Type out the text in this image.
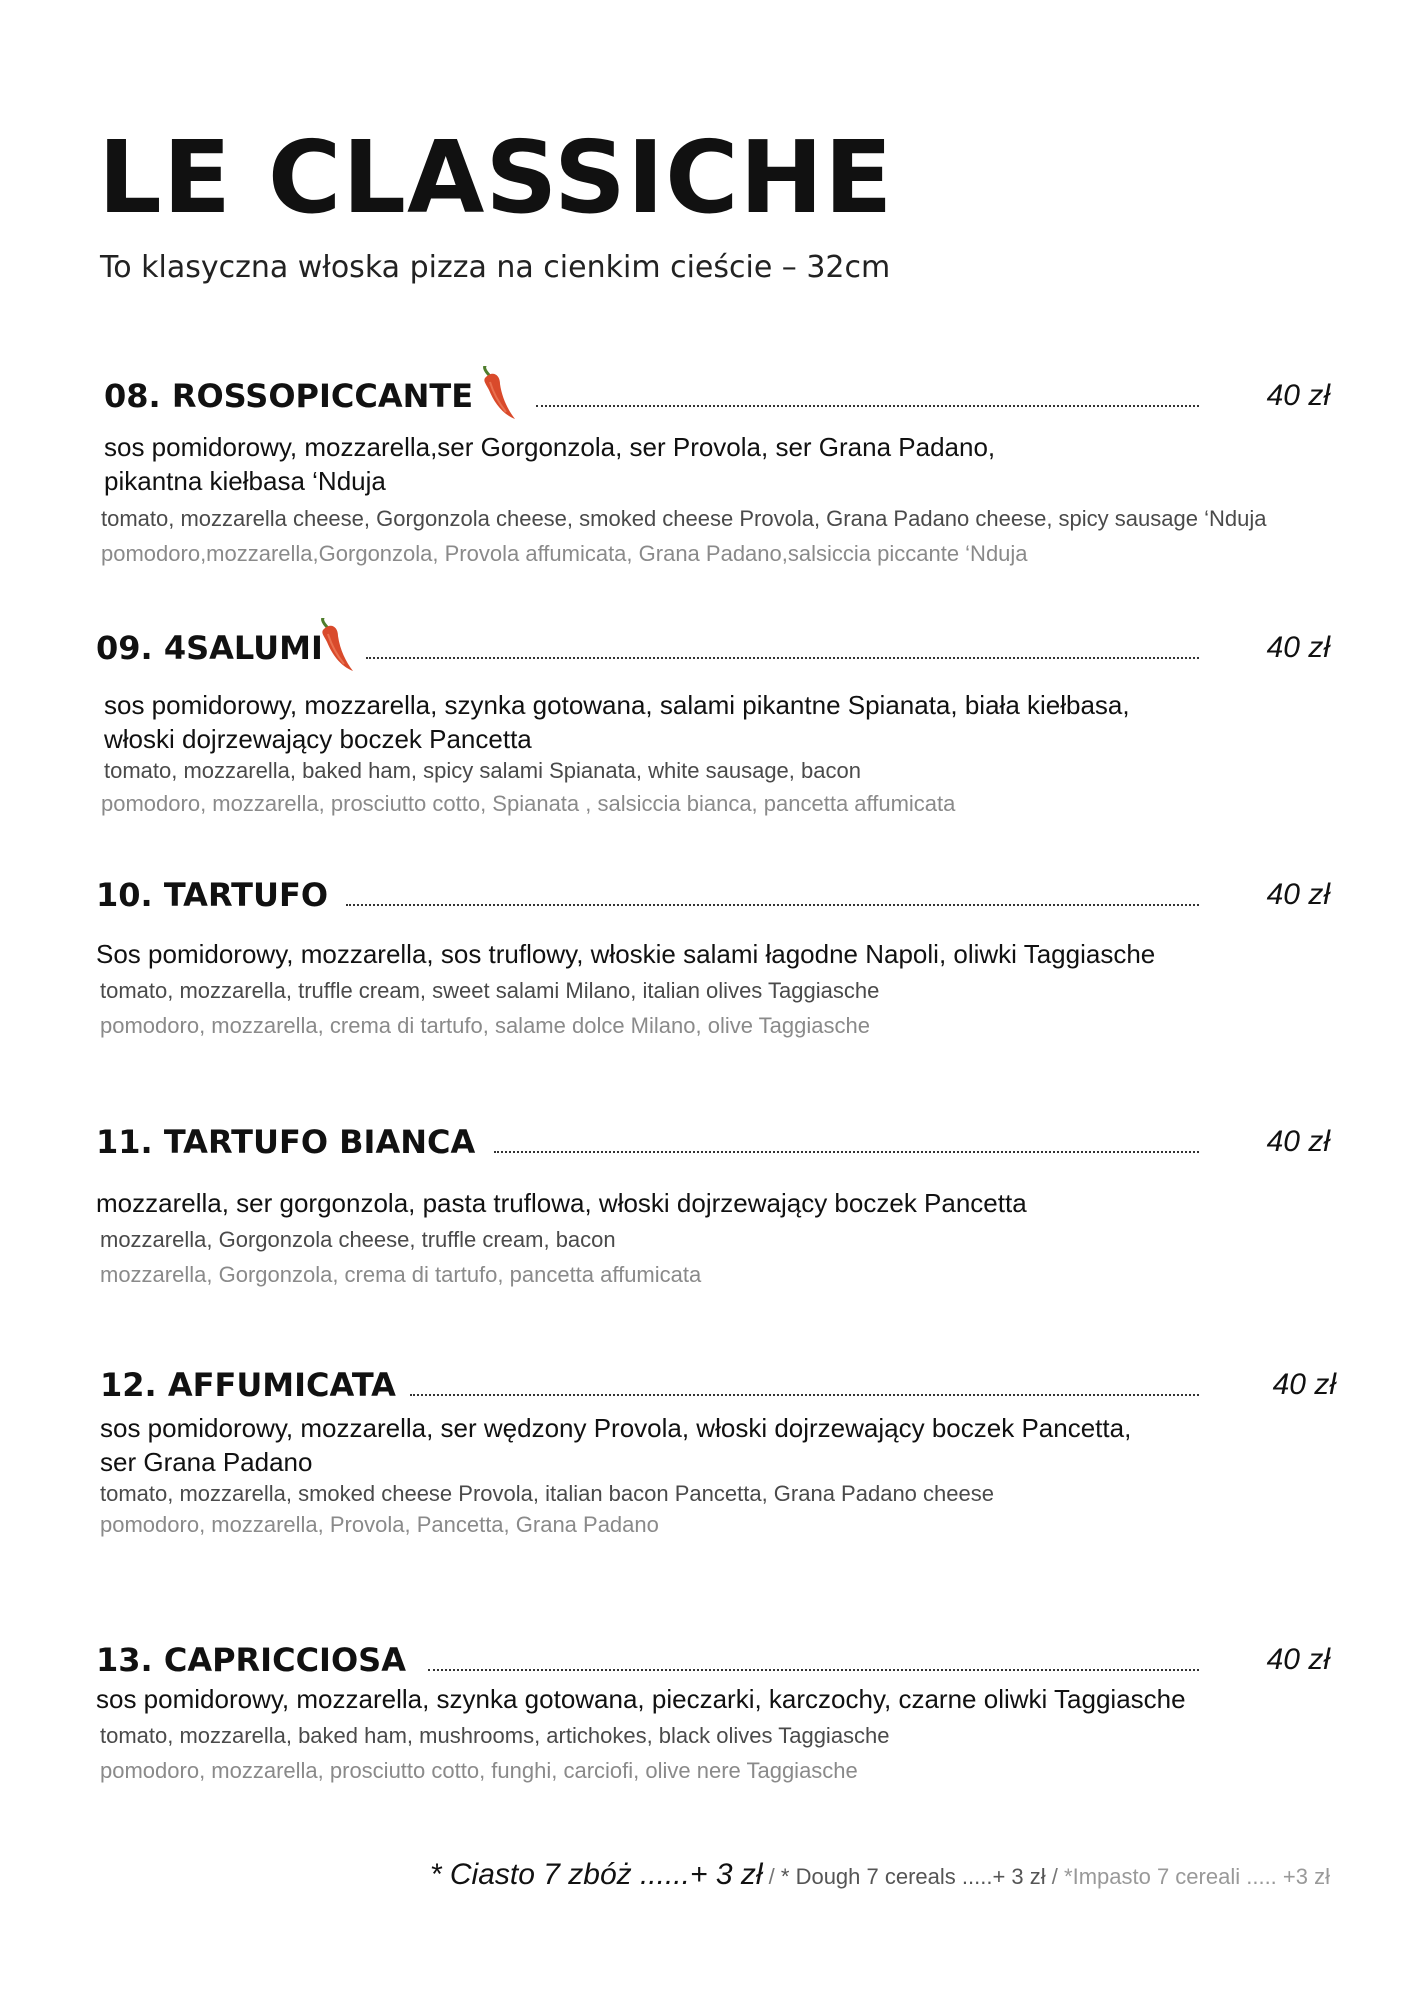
LE CLASSICHE

To klasyczna włoska pizza na cienkim cieście – 32cm

08. ROSSOPICCANTE	40 zł

sos pomidorowy, mozzarella,ser Gorgonzola, ser Provola, ser Grana Padano,
pikantna kiełbasa ‘Nduja

tomato, mozzarella cheese, Gorgonzola cheese, smoked cheese Provola, Grana Padano cheese, spicy sausage ‘Nduja

pomodoro,mozzarella,Gorgonzola, Provola affumicata, Grana Padano,salsiccia piccante ‘Nduja

09. 4SALUMI	40 zł

sos pomidorowy, mozzarella, szynka gotowana, salami pikantne Spianata, biała kiełbasa,
włoski dojrzewający boczek Pancetta

tomato, mozzarella, baked ham, spicy salami Spianata, white sausage, bacon

pomodoro, mozzarella, prosciutto cotto, Spianata , salsiccia bianca, pancetta affumicata

10. TARTUFO	40 zł

Sos pomidorowy, mozzarella, sos truflowy, włoskie salami łagodne Napoli, oliwki Taggiasche

tomato, mozzarella, truffle cream, sweet salami Milano, italian olives Taggiasche

pomodoro, mozzarella, crema di tartufo, salame dolce Milano, olive Taggiasche

11. TARTUFO BIANCA	40 zł

mozzarella, ser gorgonzola, pasta truflowa, włoski dojrzewający boczek Pancetta

mozzarella, Gorgonzola cheese, truffle cream, bacon

mozzarella, Gorgonzola, crema di tartufo, pancetta affumicata

12. AFFUMICATA	40 zł

sos pomidorowy, mozzarella, ser wędzony Provola, włoski dojrzewający boczek Pancetta,
ser Grana Padano

tomato, mozzarella, smoked cheese Provola, italian bacon Pancetta, Grana Padano cheese

pomodoro, mozzarella, Provola, Pancetta, Grana Padano

13. CAPRICCIOSA	40 zł

sos pomidorowy, mozzarella, szynka gotowana, pieczarki, karczochy, czarne oliwki Taggiasche

tomato, mozzarella, baked ham, mushrooms, artichokes, black olives Taggiasche

pomodoro, mozzarella, prosciutto cotto, funghi, carciofi, olive nere Taggiasche

* Ciasto 7 zbóż ......+ 3 zł / * Dough 7 cereals .....+ 3 zł / *Impasto 7 cereali ..... +3 zł
